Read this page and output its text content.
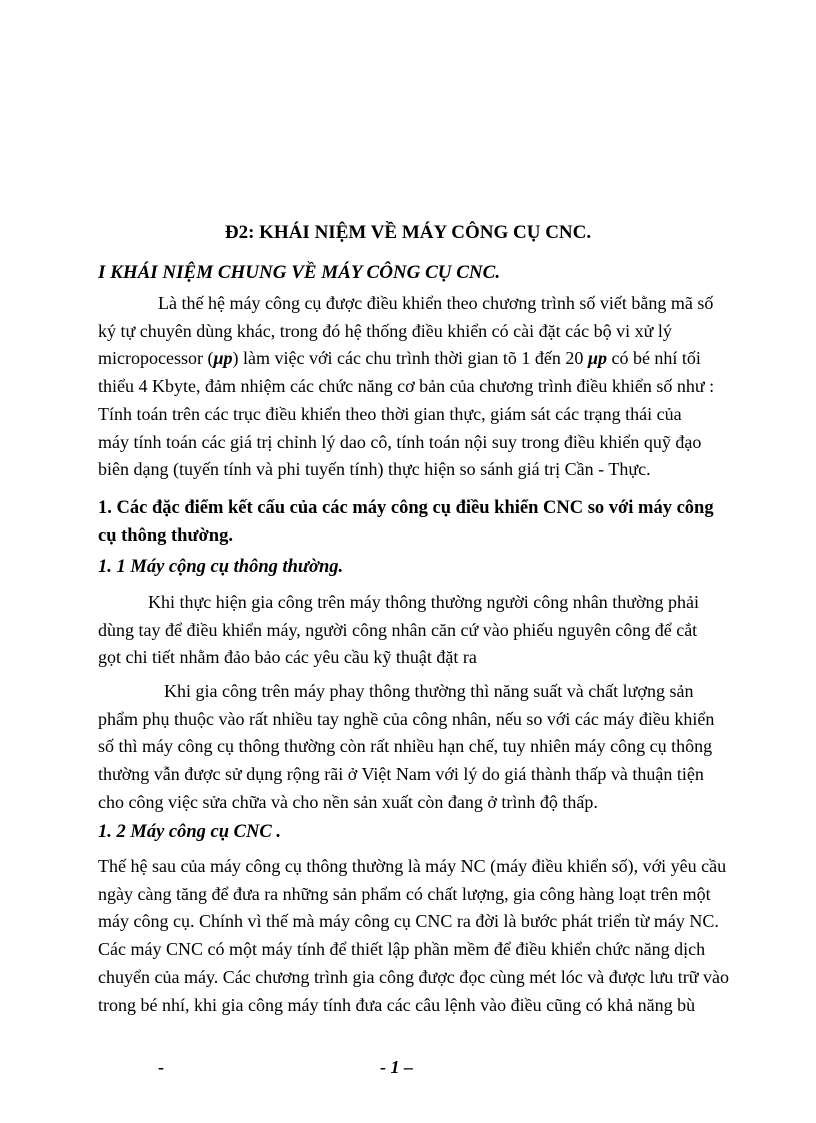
Đ2: KHÁI NIỆM VỀ MÁY CÔNG CỤ CNC.
I KHÁI NIỆM CHUNG VỀ MÁY CÔNG CỤ CNC.
Là thế hệ máy công cụ được điều khiển theo chương trình số viết bằng mã số
ký tự chuyên dùng khác, trong đó hệ thống điều khiển có cài đặt các bộ vi xử lý
micropocessor (μp) làm việc với các chu trình thời gian tõ 1 đến 20 μp có bé nhí tối
thiểu 4 Kbyte, đảm nhiệm các chức năng cơ bản của chương trình điều khiển số như :
Tính toán trên các trục điều khiển theo thời gian thực, giám sát các trạng thái của
máy tính toán các giá trị chỉnh lý dao cô, tính toán nội suy trong điều khiển quỹ đạo
biên dạng (tuyến tính và phi tuyến tính) thực hiện so sánh giá trị Cần - Thực.
1. Các đặc điểm kết cấu của các máy công cụ điều khiển CNC so với máy công
cụ thông thường.
1. 1 Máy cộng cụ thông thường.
Khi thực hiện gia công trên máy thông thường người công nhân thường phải
dùng tay để điều khiển máy, người công nhân căn cứ vào phiếu nguyên công để cắt
gọt chi tiết nhằm đảo bảo các yêu cầu kỹ thuật đặt ra
Khi gia công trên máy phay thông thường thì năng suất và chất lượng sản
phẩm phụ thuộc vào rất nhiều tay nghề của công nhân, nếu so với các máy điều khiển
số thì máy công cụ thông thường còn rất nhiều hạn chế, tuy nhiên máy công cụ thông
thường vẫn được sử dụng rộng rãi ở Việt Nam với lý do giá thành thấp và thuận tiện
cho công việc sửa chữa và cho nền sản xuất còn đang ở trình độ thấp.
1. 2 Máy công cụ CNC .
Thế hệ sau của máy công cụ thông thường là máy NC (máy điều khiển số), với yêu cầu
ngày càng tăng để đưa ra những sản phẩm có chất lượng, gia công hàng loạt trên một
máy công cụ. Chính vì thế mà máy công cụ CNC ra đời là bước phát triển từ máy NC.
Các máy CNC có một máy tính để thiết lập phần mềm để điều khiển chức năng dịch
chuyển của máy. Các chương trình gia công được đọc cùng mét lóc và được lưu trữ vào
trong bé nhí, khi gia công máy tính đưa các câu lệnh vào điều cũng có khả năng bù
-	- 1 –
